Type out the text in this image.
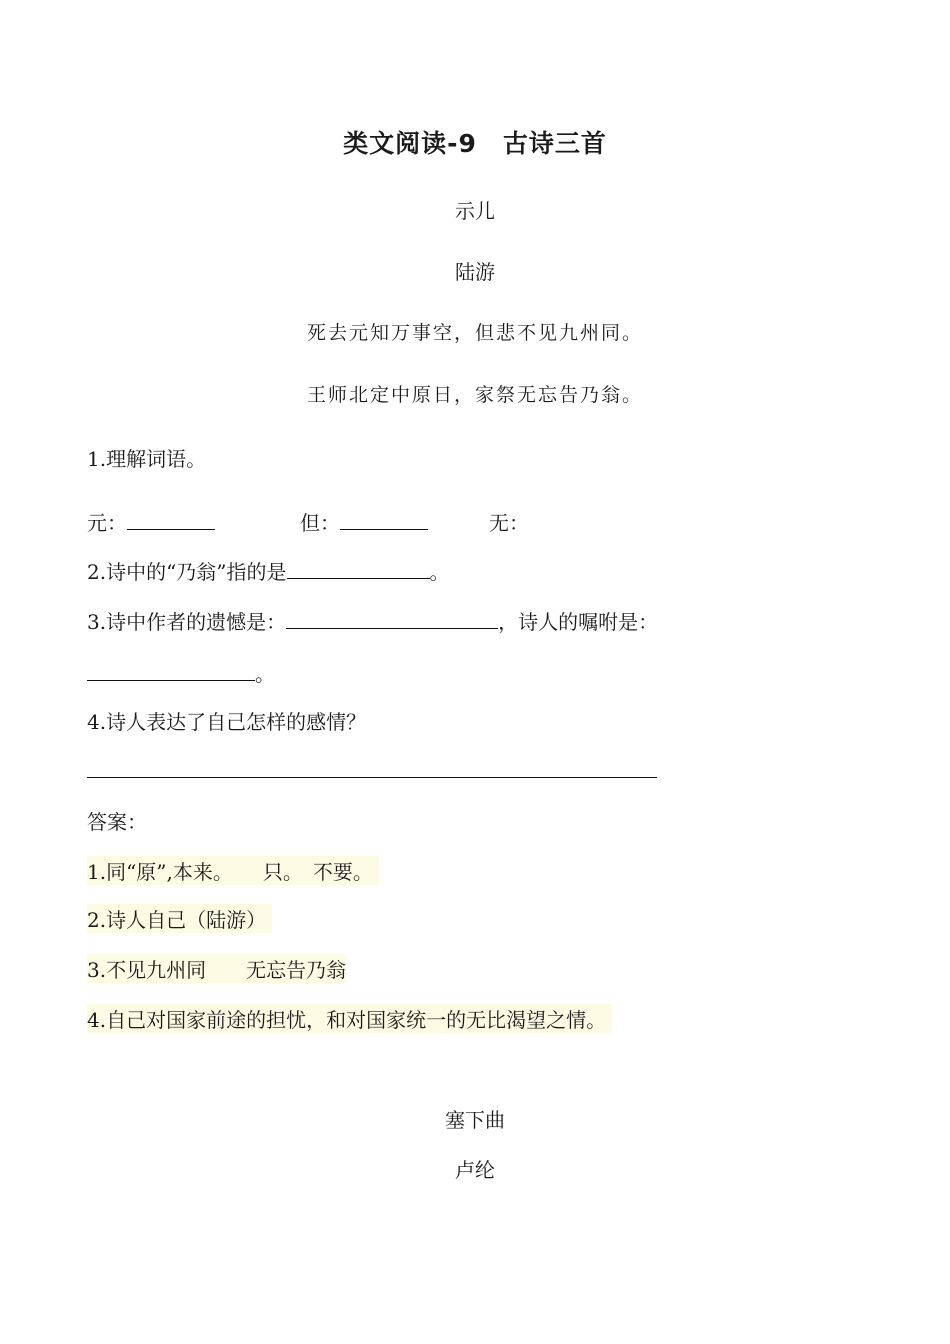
类文阅读-9　古诗三首
示儿
陆游
死去元知万事空，但悲不见九州同。
王师北定中原日，家祭无忘告乃翁。
1.理解词语。
元：	但：	无：
2.诗中的“乃翁”指的是	。
3.诗中作者的遗憾是：	，诗人的嘱咐是：
。
4.诗人表达了自己怎样的感情？
答案：
1.同“原”,本来。　　只。　不要。
2.诗人自己（陆游）
3.不见九州同　　无忘告乃翁
4.自己对国家前途的担忧，和对国家统一的无比渴望之情。
塞下曲
卢纶
